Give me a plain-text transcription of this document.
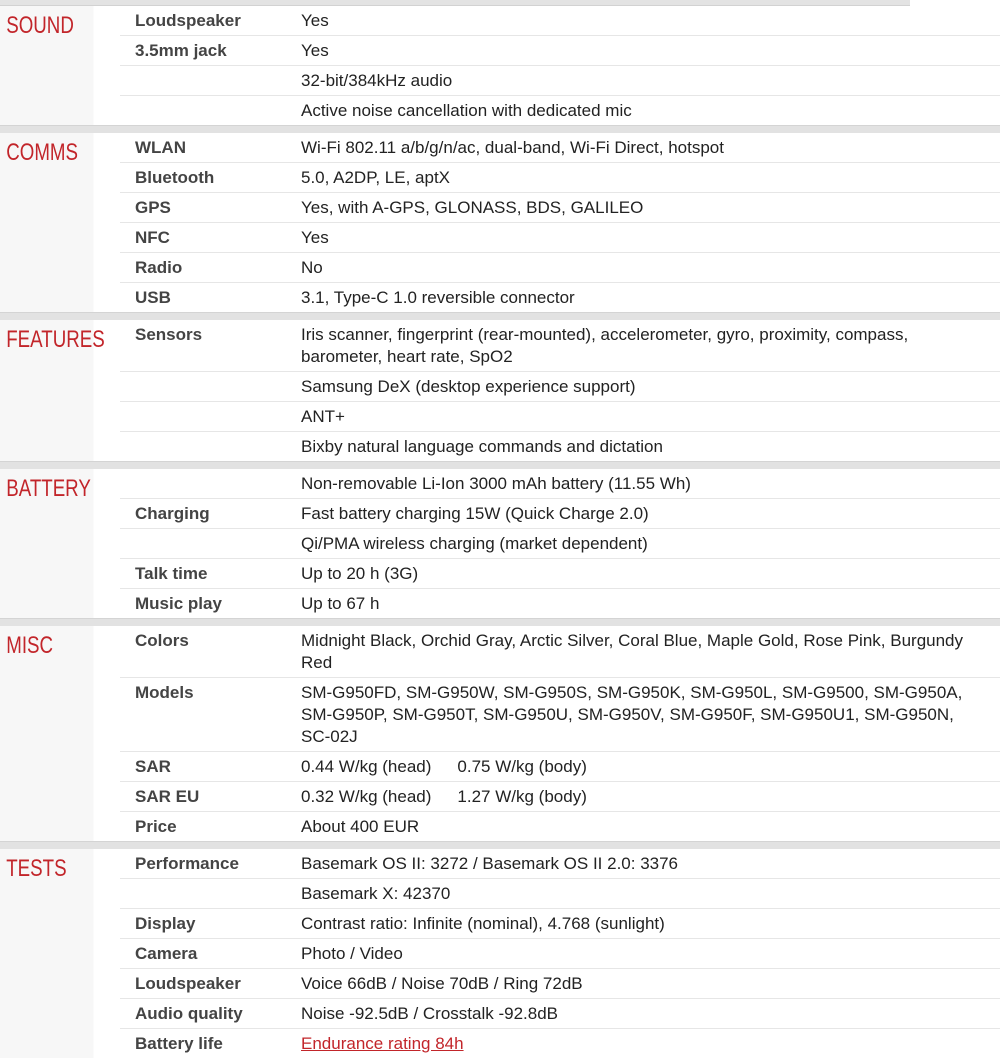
SOUND	Loudspeaker	Yes
	3.5mm jack	Yes
		32-bit/384kHz audio
		Active noise cancellation with dedicated mic

COMMS	WLAN	Wi-Fi 802.11 a/b/g/n/ac, dual-band, Wi-Fi Direct, hotspot
	Bluetooth	5.0, A2DP, LE, aptX
	GPS	Yes, with A-GPS, GLONASS, BDS, GALILEO
	NFC	Yes
	Radio	No
	USB	3.1, Type-C 1.0 reversible connector

FEATURES	Sensors	Iris scanner, fingerprint (rear-mounted), accelerometer, gyro, proximity, compass, barometer, heart rate, SpO2
		Samsung DeX (desktop experience support)
		ANT+
		Bixby natural language commands and dictation

BATTERY		Non-removable Li-Ion 3000 mAh battery (11.55 Wh)
	Charging	Fast battery charging 15W (Quick Charge 2.0)
		Qi/PMA wireless charging (market dependent)
	Talk time	Up to 20 h (3G)
	Music play	Up to 67 h

MISC	Colors	Midnight Black, Orchid Gray, Arctic Silver, Coral Blue, Maple Gold, Rose Pink, Burgundy Red
	Models	SM-G950FD, SM-G950W, SM-G950S, SM-G950K, SM-G950L, SM-G9500, SM-G950A, SM-G950P, SM-G950T, SM-G950U, SM-G950V, SM-G950F, SM-G950U1, SM-G950N, SC-02J
	SAR	0.44 W/kg (head) 0.75 W/kg (body)
	SAR EU	0.32 W/kg (head) 1.27 W/kg (body)
	Price	About 400 EUR

TESTS	Performance	Basemark OS II: 3272 / Basemark OS II 2.0: 3376
		Basemark X: 42370
	Display	Contrast ratio: Infinite (nominal), 4.768 (sunlight)
	Camera	Photo / Video
	Loudspeaker	Voice 66dB / Noise 70dB / Ring 72dB
	Audio quality	Noise -92.5dB / Crosstalk -92.8dB
	Battery life	Endurance rating 84h
